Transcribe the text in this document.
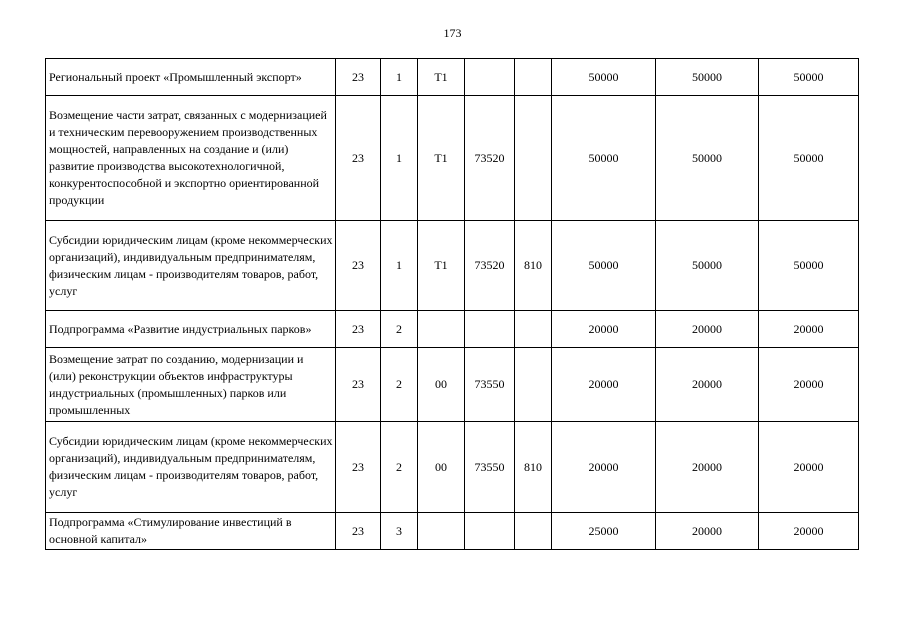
173
Региональный проект «Промышленный экспорт»	23	1	Т1			50000	50000	50000
Возмещение части затрат, связанных с модернизацией и техническим перевооружением производственных мощностей, направленных на создание и (или) развитие производства высокотехнологичной, конкурентоспособной и экспортно ориентированной продукции	23	1	Т1	73520		50000	50000	50000
Субсидии юридическим лицам (кроме некоммерческих организаций), индивидуальным предпринимателям, физическим лицам - производителям товаров, работ, услуг	23	1	Т1	73520	810	50000	50000	50000
Подпрограмма «Развитие индустриальных парков»	23	2				20000	20000	20000
Возмещение затрат по созданию, модернизации и (или) реконструкции объектов инфраструктуры индустриальных (промышленных) парков или промышленных	23	2	00	73550		20000	20000	20000
Субсидии юридическим лицам (кроме некоммерческих организаций), индивидуальным предпринимателям, физическим лицам - производителям товаров, работ, услуг	23	2	00	73550	810	20000	20000	20000
Подпрограмма «Стимулирование инвестиций в основной капитал»	23	3				25000	20000	20000
